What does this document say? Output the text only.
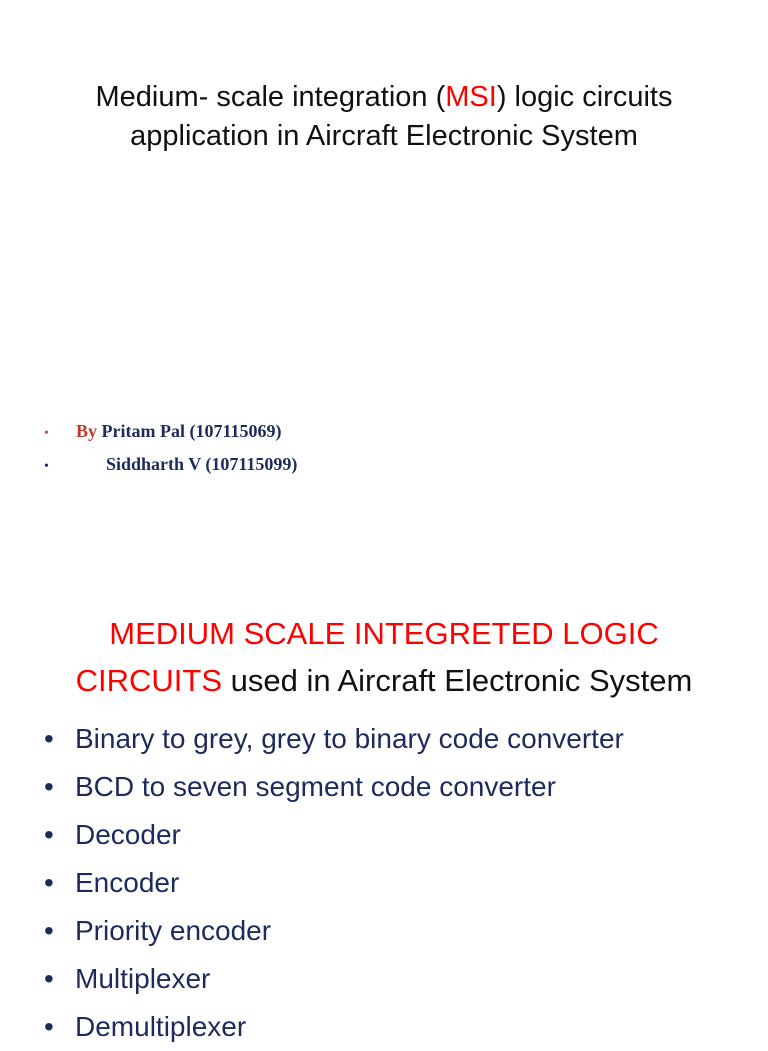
Medium- scale integration (MSI) logic circuits
application in Aircraft Electronic System
• By Pritam Pal (107115069)
•	Siddharth V (107115099)
MEDIUM SCALE INTEGRETED LOGIC
CIRCUITS used in Aircraft Electronic System
• Binary to grey, grey to binary code converter
• BCD to seven segment code converter
• Decoder
• Encoder
• Priority encoder
• Multiplexer
• Demultiplexer
